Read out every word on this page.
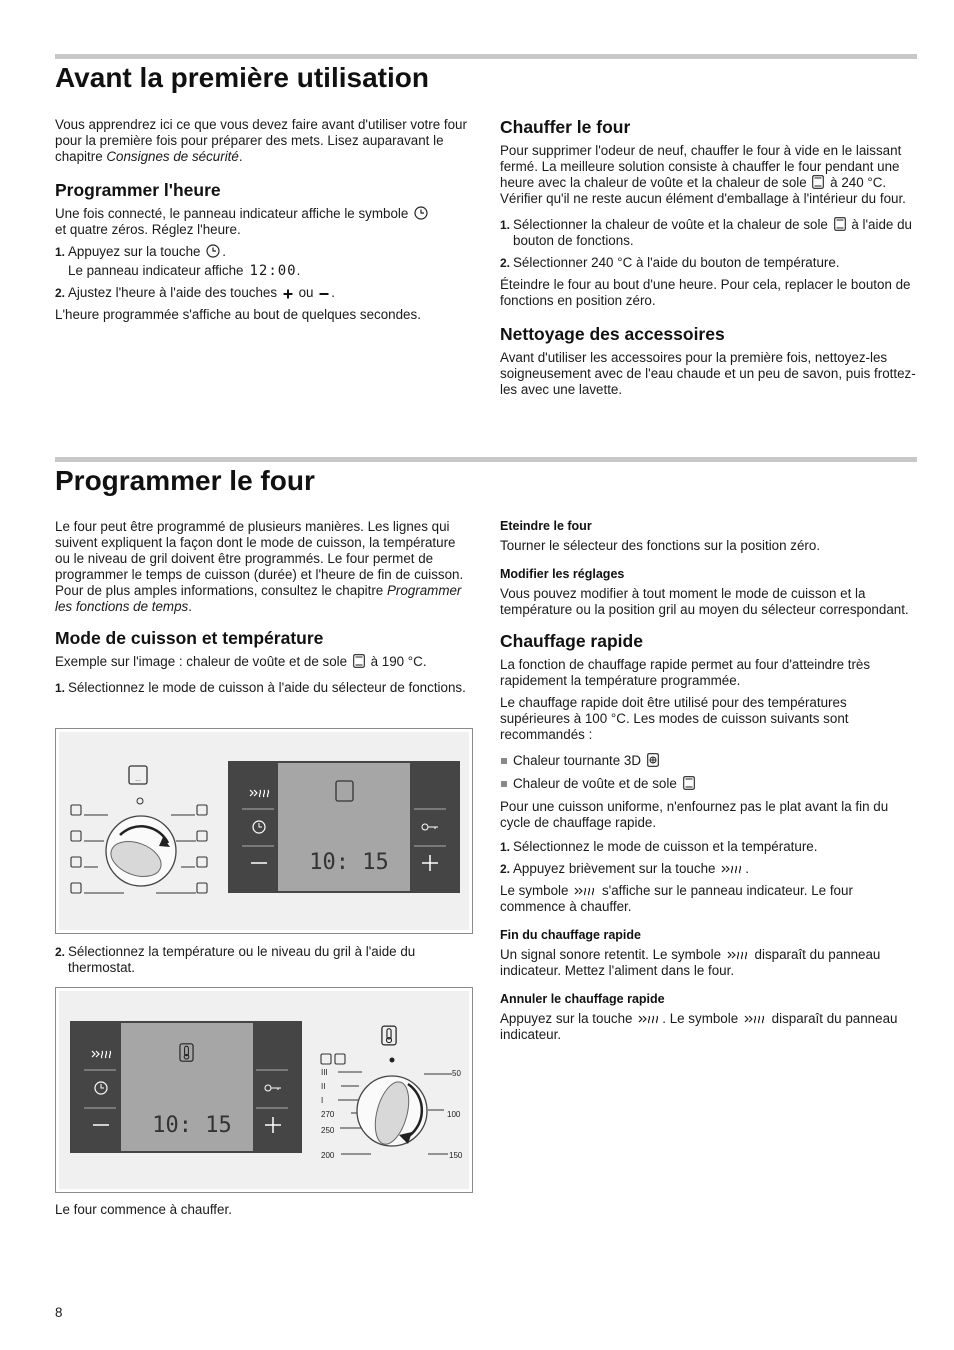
Avant la première utilisation

Vous apprendrez ici ce que vous devez faire avant d'utiliser votre four pour la première fois pour préparer des mets. Lisez auparavant le chapitre Consignes de sécurité.

Programmer l'heure

Une fois connecté, le panneau indicateur affiche le symbole
et quatre zéros. Réglez l'heure.

1. Appuyez sur la touche .
Le panneau indicateur affiche 12:00.
2. Ajustez l'heure à l'aide des touches ou .

L'heure programmée s'affiche au bout de quelques secondes.

Chauffer le four

Pour supprimer l'odeur de neuf, chauffer le four à vide en le laissant fermé. La meilleure solution consiste à chauffer le four pendant une heure avec la chaleur de voûte et la chaleur de sole à 240 °C. Vérifier qu'il ne reste aucun élément d'emballage à l'intérieur du four.

1. Sélectionner la chaleur de voûte et la chaleur de sole à l'aide du bouton de fonctions.
2. Sélectionner 240 °C à l'aide du bouton de température.

Éteindre le four au bout d'une heure. Pour cela, replacer le bouton de fonctions en position zéro.

Nettoyage des accessoires

Avant d'utiliser les accessoires pour la première fois, nettoyez-les soigneusement avec de l'eau chaude et un peu de savon, puis frottez-les avec une lavette.

Programmer le four

Le four peut être programmé de plusieurs manières. Les lignes qui suivent expliquent la façon dont le mode de cuisson, la température ou le niveau de gril doivent être programmés. Le four permet de programmer le temps de cuisson (durée) et l'heure de fin de cuisson. Pour de plus amples informations, consultez le chapitre Programmer les fonctions de temps.

Mode de cuisson et température

Exemple sur l'image : chaleur de voûte et de sole à 190 °C.

1. Sélectionnez le mode de cuisson à l'aide du sélecteur de fonctions.
...
10: 15
2. Sélectionnez la température ou le niveau du gril à l'aide du thermostat.
10: 15
III
II
I
270
250
200
50
100
150

Le four commence à chauffer.

Eteindre le four

Tourner le sélecteur des fonctions sur la position zéro.

Modifier les réglages

Vous pouvez modifier à tout moment le mode de cuisson et la température ou la position gril au moyen du sélecteur correspondant.

Chauffage rapide

La fonction de chauffage rapide permet au four d'atteindre très rapidement la température programmée.

Le chauffage rapide doit être utilisé pour des températures supérieures à 100 °C. Les modes de cuisson suivants sont recommandés :

Chaleur tournante 3D
Chaleur de voûte et de sole

Pour une cuisson uniforme, n'enfournez pas le plat avant la fin du cycle de chauffage rapide.

1. Sélectionnez le mode de cuisson et la température.
2. Appuyez brièvement sur la touche .

Le symbole s'affiche sur le panneau indicateur. Le four commence à chauffer.

Fin du chauffage rapide

Un signal sonore retentit. Le symbole disparaît du panneau indicateur. Mettez l'aliment dans le four.

Annuler le chauffage rapide

Appuyez sur la touche . Le symbole disparaît du panneau indicateur.

8
